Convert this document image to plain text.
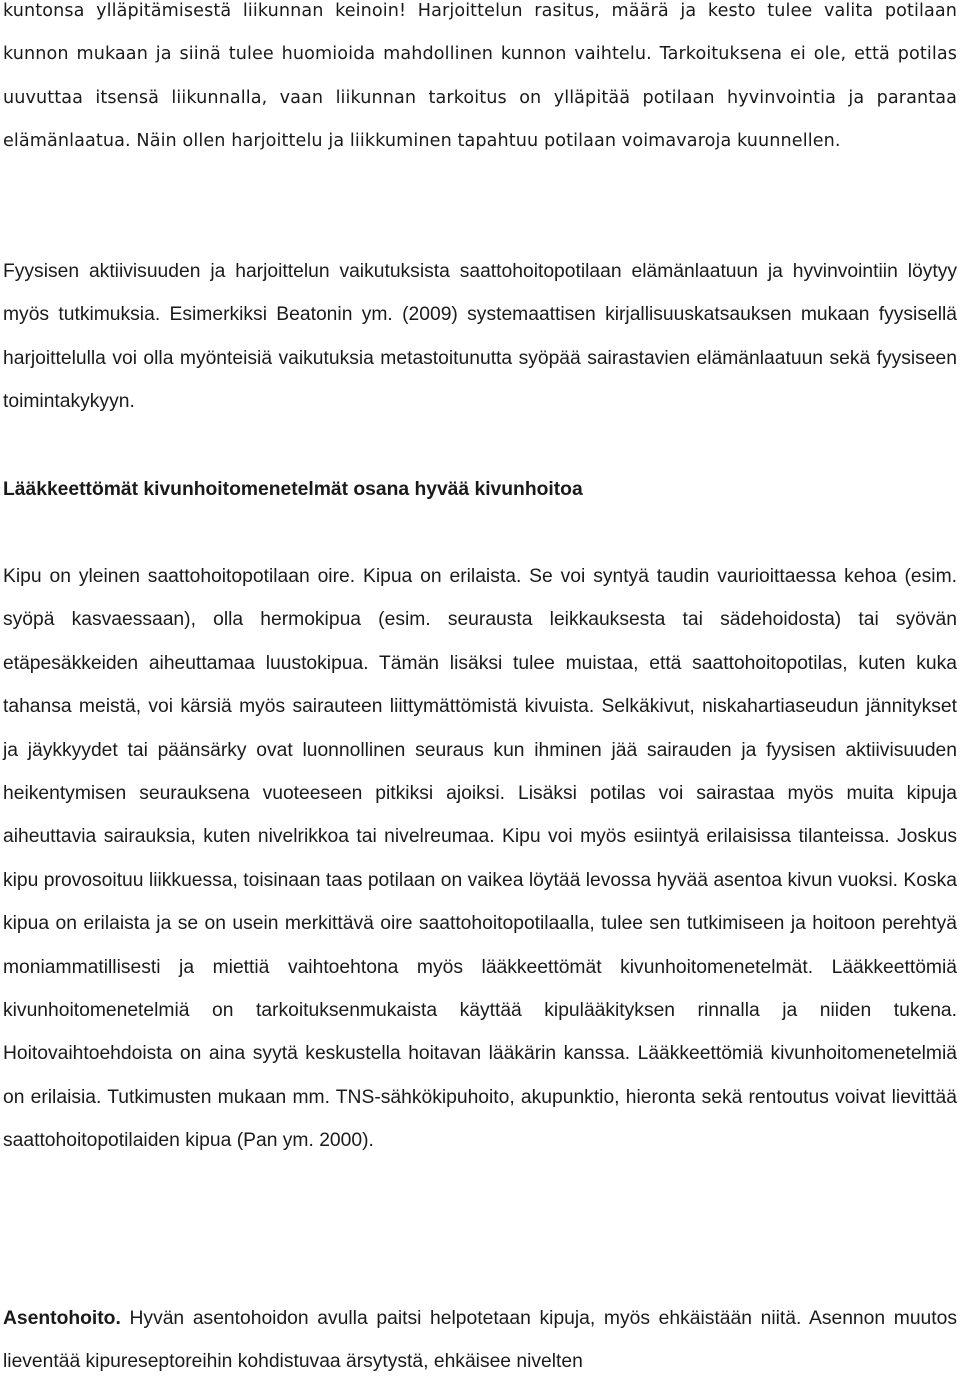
kuntonsa ylläpitämisestä liikunnan keinoin! Harjoittelun rasitus, määrä ja kesto tulee valita potilaan kunnon mukaan ja siinä tulee huomioida mahdollinen kunnon vaihtelu. Tarkoituksena ei ole, että potilas uuvuttaa itsensä liikunnalla, vaan liikunnan tarkoitus on ylläpitää potilaan hyvinvointia ja parantaa elämänlaatua. Näin ollen harjoittelu ja liikkuminen tapahtuu potilaan voimavaroja kuunnellen.

Fyysisen aktiivisuuden ja harjoittelun vaikutuksista saattohoitopotilaan elämänlaatuun ja hyvinvointiin löytyy myös tutkimuksia. Esimerkiksi Beatonin ym. (2009) systemaattisen kirjallisuuskatsauksen mukaan fyysisellä harjoittelulla voi olla myönteisiä vaikutuksia metastoitunutta syöpää sairastavien elämänlaatuun sekä fyysiseen toimintakykyyn.

Lääkkeettömät kivunhoitomenetelmät osana hyvää kivunhoitoa

Kipu on yleinen saattohoitopotilaan oire. Kipua on erilaista. Se voi syntyä taudin vaurioittaessa kehoa (esim. syöpä kasvaessaan), olla hermokipua (esim. seurausta leikkauksesta tai sädehoidosta) tai syövän etäpesäkkeiden aiheuttamaa luustokipua. Tämän lisäksi tulee muistaa, että saattohoitopotilas, kuten kuka tahansa meistä, voi kärsiä myös sairauteen liittymättömistä kivuista. Selkäkivut, niskahartiaseudun jännitykset ja jäykkyydet tai päänsärky ovat luonnollinen seuraus kun ihminen jää sairauden ja fyysisen aktiivisuuden heikentymisen seurauksena vuoteeseen pitkiksi ajoiksi. Lisäksi potilas voi sairastaa myös muita kipuja aiheuttavia sairauksia, kuten nivelrikkoa tai nivelreumaa. Kipu voi myös esiintyä erilaisissa tilanteissa. Joskus kipu provosoituu liikkuessa, toisinaan taas potilaan on vaikea löytää levossa hyvää asentoa kivun vuoksi. Koska kipua on erilaista ja se on usein merkittävä oire saattohoitopotilaalla, tulee sen tutkimiseen ja hoitoon perehtyä moniammatillisesti ja miettiä vaihtoehtona myös lääkkeettömät kivunhoitomenetelmät. Lääkkeettömiä kivunhoitomenetelmiä on tarkoituksenmukaista käyttää kipulääkityksen rinnalla ja niiden tukena. Hoitovaihtoehdoista on aina syytä keskustella hoitavan lääkärin kanssa. Lääkkeettömiä kivunhoitomenetelmiä on erilaisia. Tutkimusten mukaan mm. TNS-sähkökipuhoito, akupunktio, hieronta sekä rentoutus voivat lievittää saattohoitopotilaiden kipua (Pan ym. 2000).

Asentohoito. Hyvän asentohoidon avulla paitsi helpotetaan kipuja, myös ehkäistään niitä. Asennon muutos lieventää kipureseptoreihin kohdistuvaa ärsytystä, ehkäisee nivelten
